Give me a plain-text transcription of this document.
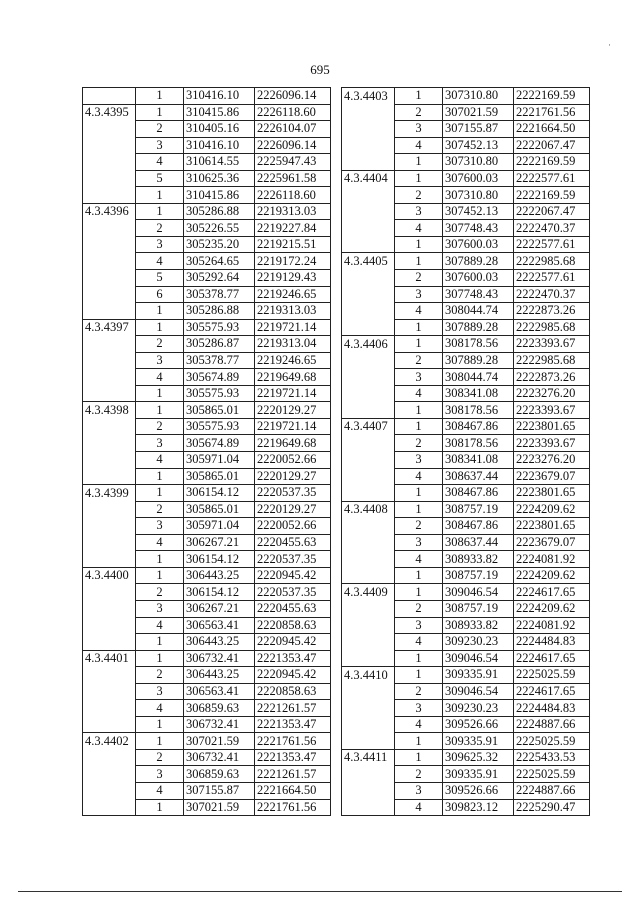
·
695
	1	310416.10	2226096.14
4.3.4395	1	310415.86	2226118.60
	2	310405.16	2226104.07
	3	310416.10	2226096.14
	4	310614.55	2225947.43
	5	310625.36	2225961.58
	1	310415.86	2226118.60
4.3.4396	1	305286.88	2219313.03
	2	305226.55	2219227.84
	3	305235.20	2219215.51
	4	305264.65	2219172.24
	5	305292.64	2219129.43
	6	305378.77	2219246.65
	1	305286.88	2219313.03
4.3.4397	1	305575.93	2219721.14
	2	305286.87	2219313.04
	3	305378.77	2219246.65
	4	305674.89	2219649.68
	1	305575.93	2219721.14
4.3.4398	1	305865.01	2220129.27
	2	305575.93	2219721.14
	3	305674.89	2219649.68
	4	305971.04	2220052.66
	1	305865.01	2220129.27
4.3.4399	1	306154.12	2220537.35
	2	305865.01	2220129.27
	3	305971.04	2220052.66
	4	306267.21	2220455.63
	1	306154.12	2220537.35
4.3.4400	1	306443.25	2220945.42
	2	306154.12	2220537.35
	3	306267.21	2220455.63
	4	306563.41	2220858.63
	1	306443.25	2220945.42
4.3.4401	1	306732.41	2221353.47
	2	306443.25	2220945.42
	3	306563.41	2220858.63
	4	306859.63	2221261.57
	1	306732.41	2221353.47
4.3.4402	1	307021.59	2221761.56
	2	306732.41	2221353.47
	3	306859.63	2221261.57
	4	307155.87	2221664.50
	1	307021.59	2221761.56
4.3.4403	1	307310.80	2222169.59
	2	307021.59	2221761.56
	3	307155.87	2221664.50
	4	307452.13	2222067.47
	1	307310.80	2222169.59
4.3.4404	1	307600.03	2222577.61
	2	307310.80	2222169.59
	3	307452.13	2222067.47
	4	307748.43	2222470.37
	1	307600.03	2222577.61
4.3.4405	1	307889.28	2222985.68
	2	307600.03	2222577.61
	3	307748.43	2222470.37
	4	308044.74	2222873.26
	1	307889.28	2222985.68
4.3.4406	1	308178.56	2223393.67
	2	307889.28	2222985.68
	3	308044.74	2222873.26
	4	308341.08	2223276.20
	1	308178.56	2223393.67
4.3.4407	1	308467.86	2223801.65
	2	308178.56	2223393.67
	3	308341.08	2223276.20
	4	308637.44	2223679.07
	1	308467.86	2223801.65
4.3.4408	1	308757.19	2224209.62
	2	308467.86	2223801.65
	3	308637.44	2223679.07
	4	308933.82	2224081.92
	1	308757.19	2224209.62
4.3.4409	1	309046.54	2224617.65
	2	308757.19	2224209.62
	3	308933.82	2224081.92
	4	309230.23	2224484.83
	1	309046.54	2224617.65
4.3.4410	1	309335.91	2225025.59
	2	309046.54	2224617.65
	3	309230.23	2224484.83
	4	309526.66	2224887.66
	1	309335.91	2225025.59
4.3.4411	1	309625.32	2225433.53
	2	309335.91	2225025.59
	3	309526.66	2224887.66
	4	309823.12	2225290.47
